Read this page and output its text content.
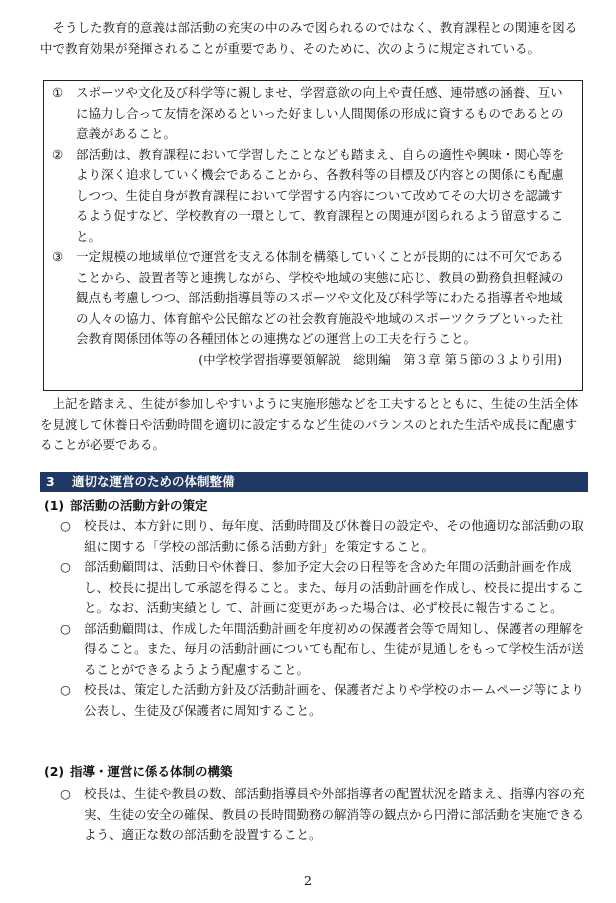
そうした教育的意義は部活動の充実の中のみで図られるのではなく、教育課程との関連を図る中で教育効果が発揮されることが重要であり、そのために、次のように規定されている。
①	スポーツや文化及び科学等に親しませ、学習意欲の向上や責任感、連帯感の涵養、互いに協力し合って友情を深めるといった好ましい人間関係の形成に資するものであるとの意義があること。
②	部活動は、教育課程において学習したことなども踏まえ、自らの適性や興味・関心等をより深く追求していく機会であることから、各教科等の目標及び内容との関係にも配慮しつつ、生徒自身が教育課程において学習する内容について改めてその大切さを認識するよう促すなど、学校教育の一環として、教育課程との関連が図られるよう留意すること。
③	一定規模の地域単位で運営を支える体制を構築していくことが長期的には不可欠であることから、設置者等と連携しながら、学校や地域の実態に応じ、教員の勤務負担軽減の観点も考慮しつつ、部活動指導員等のスポーツや文化及び科学等にわたる指導者や地域の人々の協力、体育館や公民館などの社会教育施設や地域のスポーツクラブといった社会教育関係団体等の各種団体との連携などの運営上の工夫を行うこと。
(中学校学習指導要領解説　総則編　第３章 第５節の３より引用)
上記を踏まえ、生徒が参加しやすいように実施形態などを工夫するとともに、生徒の生活全体を見渡して休養日や活動時間を適切に設定するなど生徒のバランスのとれた生活や成長に配慮することが必要である。
3 適切な運営のための体制整備
(1) 部活動の活動方針の策定
○	校長は、本方針に則り、毎年度、活動時間及び休養日の設定や、その他適切な部活動の取組に関する「学校の部活動に係る活動方針」を策定すること。
○	部活動顧問は、活動日や休養日、参加予定大会の日程等を含めた年間の活動計画を作成し、校長に提出して承認を得ること。また、毎月の活動計画を作成し、校長に提出すること。なお、活動実績とし て、計画に変更があった場合は、必ず校長に報告すること。
○	部活動顧問は、作成した年間活動計画を年度初めの保護者会等で周知し、保護者の理解を得ること。また、毎月の活動計画についても配布し、生徒が見通しをもって学校生活が送ることができるようよう配慮すること。
○	校長は、策定した活動方針及び活動計画を、保護者だよりや学校のホームページ等により公表し、生徒及び保護者に周知すること。
(2) 指導・運営に係る体制の構築
○	校長は、生徒や教員の数、部活動指導員や外部指導者の配置状況を踏まえ、指導内容の充実、生徒の安全の確保、教員の長時間勤務の解消等の観点から円滑に部活動を実施できるよう、適正な数の部活動を設置すること。
2
